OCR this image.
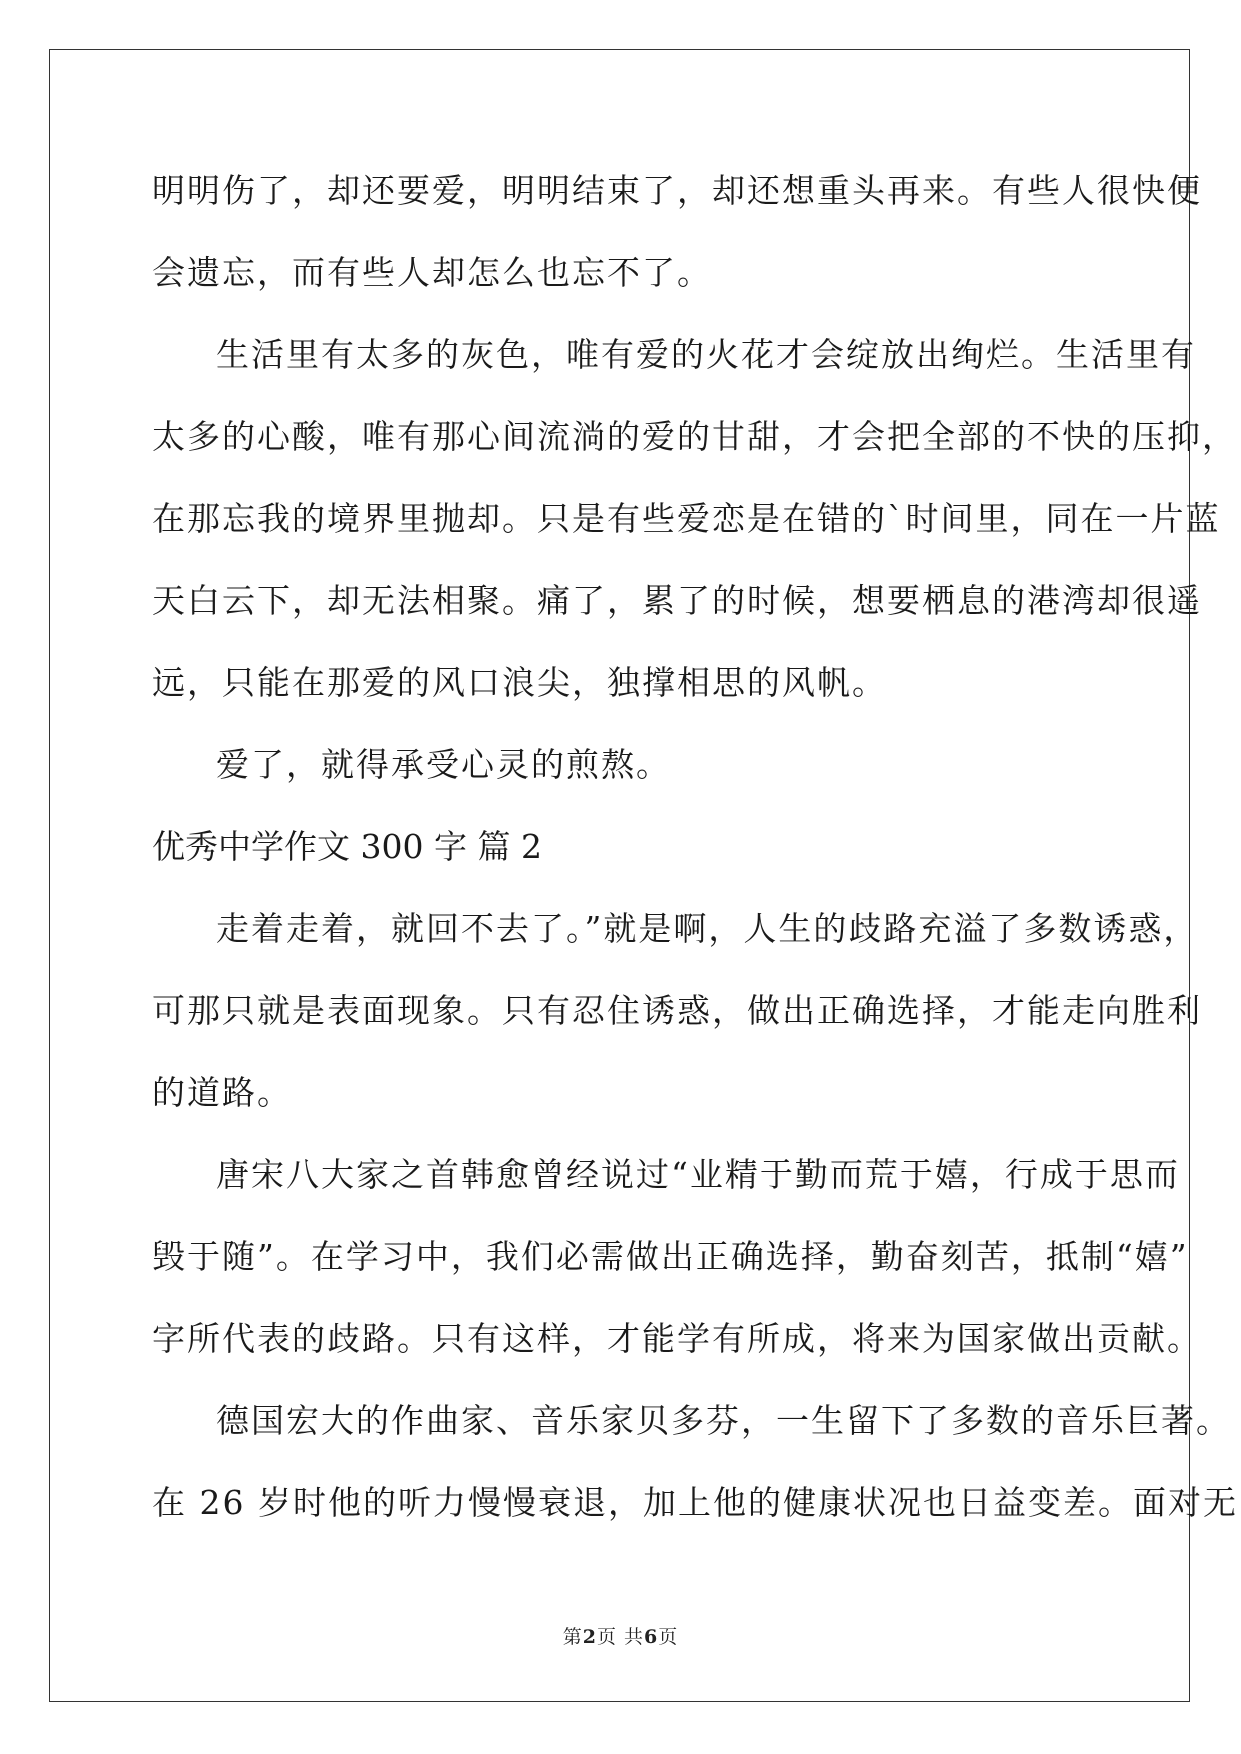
明明伤了，却还要爱，明明结束了，却还想重头再来。有些人很快便
会遗忘，而有些人却怎么也忘不了。
生活里有太多的灰色，唯有爱的火花才会绽放出绚烂。生活里有
太多的心酸，唯有那心间流淌的爱的甘甜，才会把全部的不快的压抑，
在那忘我的境界里抛却。只是有些爱恋是在错的`时间里，同在一片蓝
天白云下，却无法相聚。痛了，累了的时候，想要栖息的港湾却很遥
远，只能在那爱的风口浪尖，独撑相思的风帆。
爱了，就得承受心灵的煎熬。
优秀中学作文 300 字 篇 2
走着走着，就回不去了。”就是啊，人生的歧路充溢了多数诱惑，
可那只就是表面现象。只有忍住诱惑，做出正确选择，才能走向胜利
的道路。
唐宋八大家之首韩愈曾经说过“业精于勤而荒于嬉，行成于思而
毁于随”。在学习中，我们必需做出正确选择，勤奋刻苦，抵制“嬉”
字所代表的歧路。只有这样，才能学有所成，将来为国家做出贡献。
德国宏大的作曲家、音乐家贝多芬，一生留下了多数的音乐巨著。
在 26 岁时他的听力慢慢衰退，加上他的健康状况也日益变差。面对无
第2页 共6页
